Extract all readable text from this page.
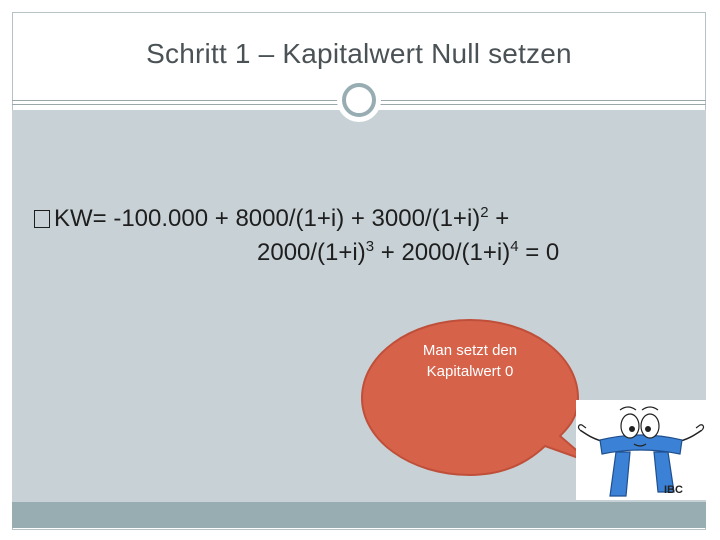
Schritt 1 – Kapitalwert Null setzen
$KW= -100.000 + 8000/(1+i) + 3000/(1+i)^2$ +
$2000/(1+i)^3 + 2000/(1+i)^4 = 0$
Man setzt den
Kapitalwert 0
IBC
